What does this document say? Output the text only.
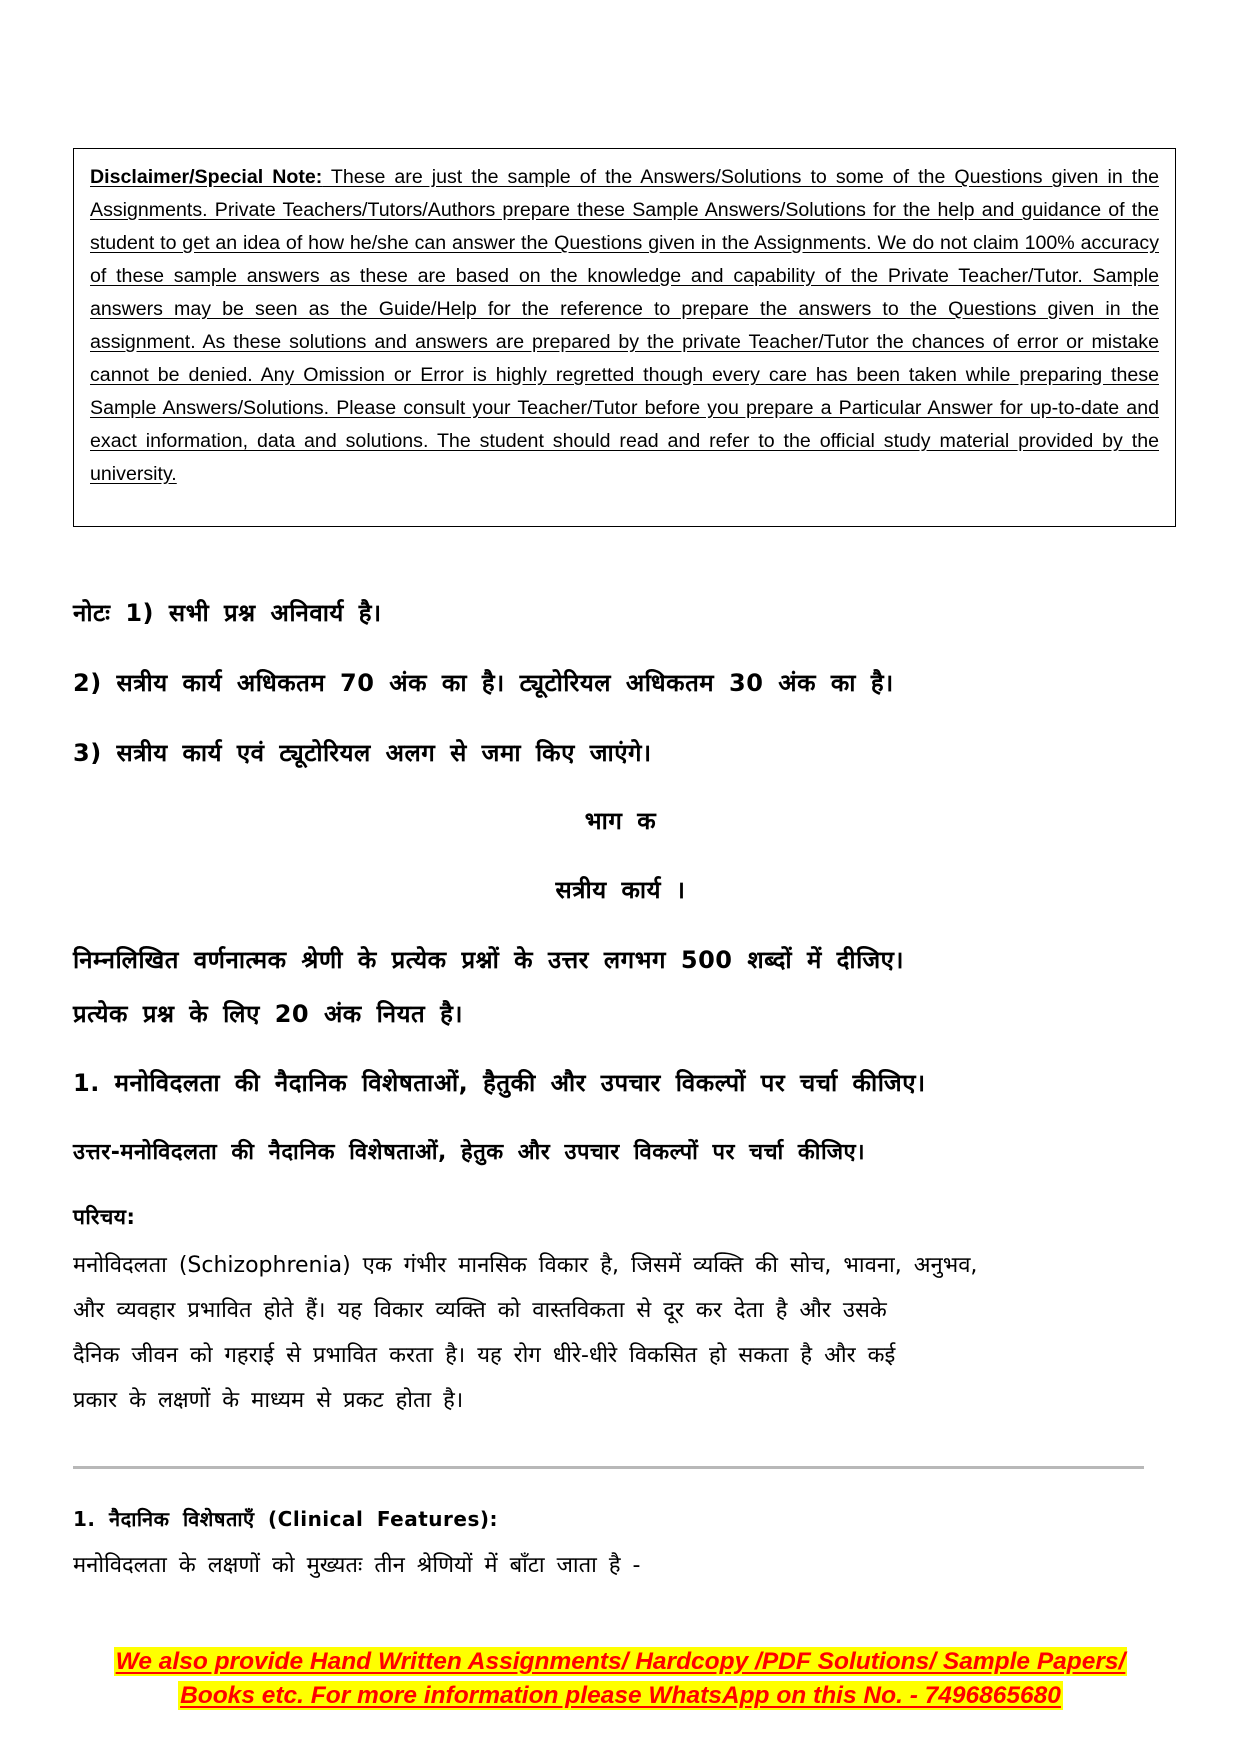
Disclaimer/Special Note: These are just the sample of the Answers/Solutions to some of the Questions given in the Assignments. Private Teachers/Tutors/Authors prepare these Sample Answers/Solutions for the help and guidance of the student to get an idea of how he/she can answer the Questions given in the Assignments. We do not claim 100% accuracy of these sample answers as these are based on the knowledge and capability of the Private Teacher/Tutor. Sample answers may be seen as the Guide/Help for the reference to prepare the answers to the Questions given in the assignment. As these solutions and answers are prepared by the private Teacher/Tutor the chances of error or mistake cannot be denied. Any Omission or Error is highly regretted though every care has been taken while preparing these Sample Answers/Solutions. Please consult your Teacher/Tutor before you prepare a Particular Answer for up-to-date and exact information, data and solutions. The student should read and refer to the official study material provided by the university.

नोटः 1) सभी प्रश्न अनिवार्य है।
2) सत्रीय कार्य अधिकतम 70 अंक का है। ट्यूटोरियल अधिकतम 30 अंक का है।
3) सत्रीय कार्य एवं ट्यूटोरियल अलग से जमा किए जाएंगे।
भाग क
सत्रीय कार्य ।
निम्नलिखित वर्णनात्मक श्रेणी के प्रत्येक प्रश्नों के उत्तर लगभग 500 शब्दों में दीजिए।
प्रत्येक प्रश्न के लिए 20 अंक नियत है।
1. मनोविदलता की नैदानिक विशेषताओं, हैतुकी और उपचार विकल्पों पर चर्चा कीजिए।
उत्तर-मनोविदलता की नैदानिक विशेषताओं, हेतुक और उपचार विकल्पों पर चर्चा कीजिए।
परिचय:
मनोविदलता (Schizophrenia) एक गंभीर मानसिक विकार है, जिसमें व्यक्ति की सोच, भावना, अनुभव,
और व्यवहार प्रभावित होते हैं। यह विकार व्यक्ति को वास्तविकता से दूर कर देता है और उसके
दैनिक जीवन को गहराई से प्रभावित करता है। यह रोग धीरे-धीरे विकसित हो सकता है और कई
प्रकार के लक्षणों के माध्यम से प्रकट होता है।
1. नैदानिक विशेषताएँ (Clinical Features):
मनोविदलता के लक्षणों को मुख्यतः तीन श्रेणियों में बाँटा जाता है -
We also provide Hand Written Assignments/ Hardcopy /PDF Solutions/ Sample Papers/
Books etc. For more information please WhatsApp on this No. - 7496865680
